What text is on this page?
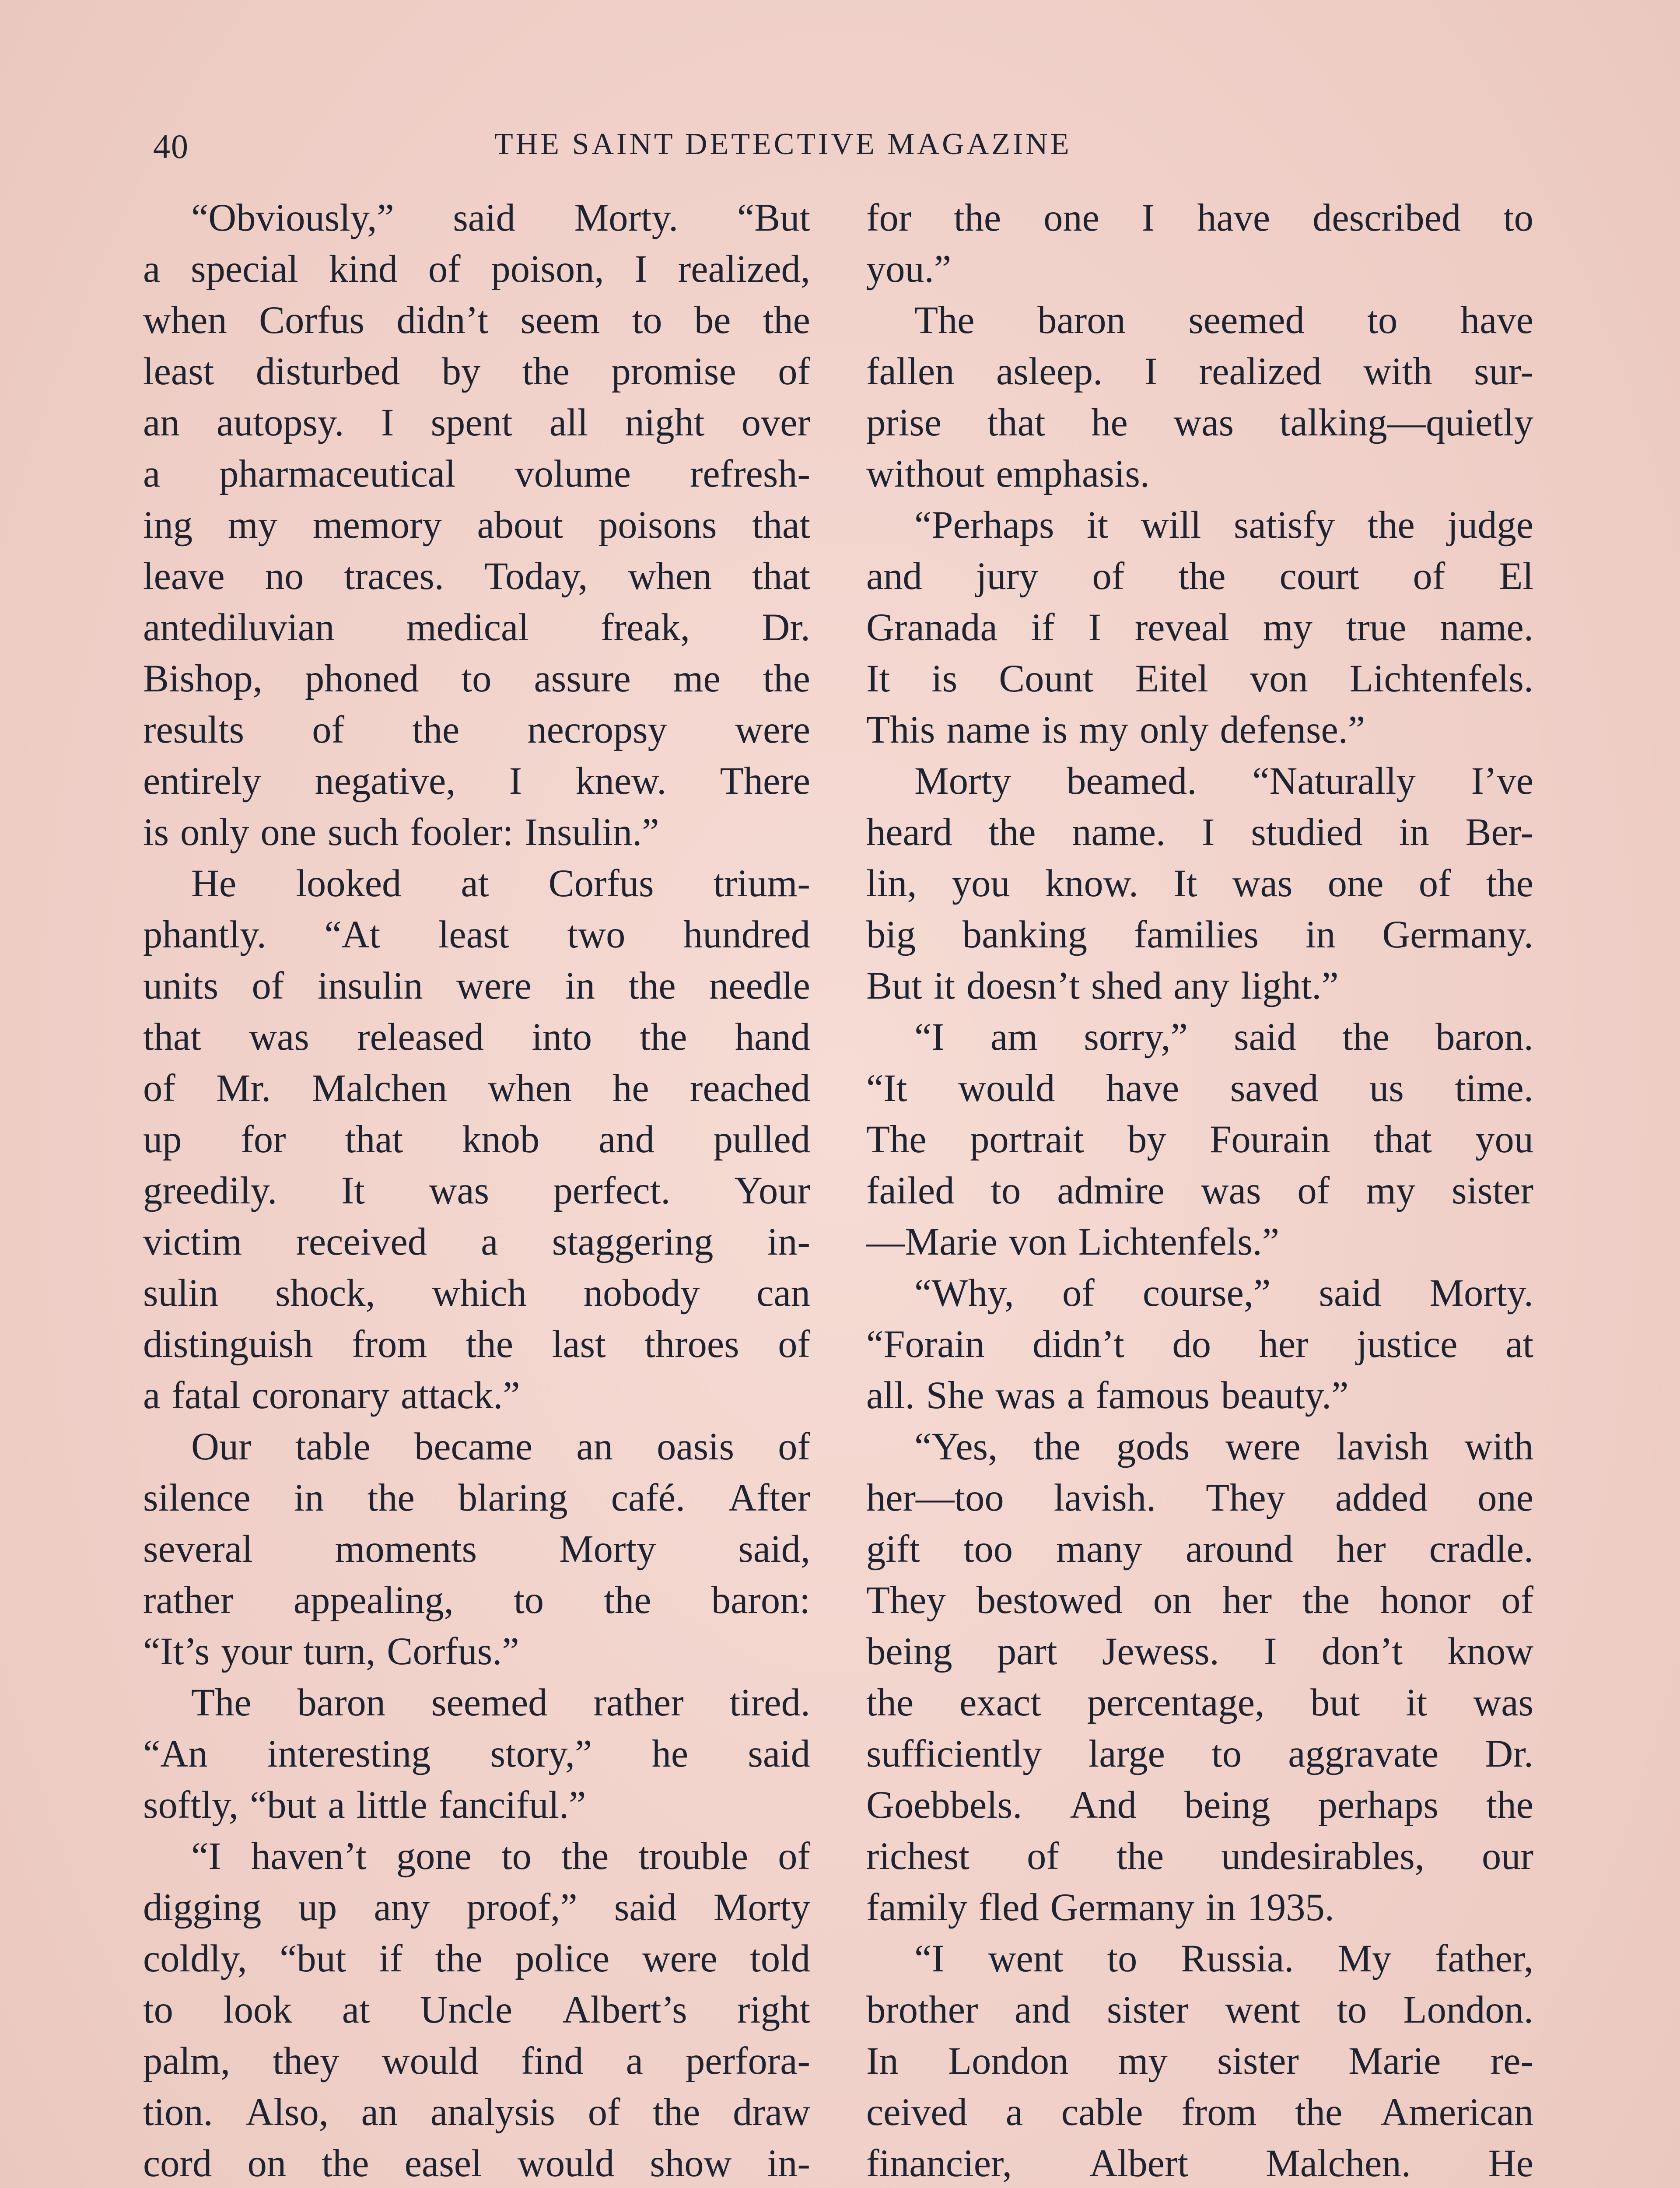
40	THE SAINT DETECTIVE MAGAZINE
“Obviously,” said Morty. “But
a special kind of poison, I realized,
when Corfus didn’t seem to be the
least disturbed by the promise of
an autopsy. I spent all night over
a pharmaceutical volume refresh-
ing my memory about poisons that
leave no traces. Today, when that
antediluvian medical freak, Dr.
Bishop, phoned to assure me the
results of the necropsy were
entirely negative, I knew. There
is only one such fooler: Insulin.”
He looked at Corfus trium-
phantly. “At least two hundred
units of insulin were in the needle
that was released into the hand
of Mr. Malchen when he reached
up for that knob and pulled
greedily. It was perfect. Your
victim received a staggering in-
sulin shock, which nobody can
distinguish from the last throes of
a fatal coronary attack.”
Our table became an oasis of
silence in the blaring café. After
several moments Morty said,
rather appealing, to the baron:
“It’s your turn, Corfus.”
The baron seemed rather tired.
“An interesting story,” he said
softly, “but a little fanciful.”
“I haven’t gone to the trouble of
digging up any proof,” said Morty
coldly, “but if the police were told
to look at Uncle Albert’s right
palm, they would find a perfora-
tion. Also, an analysis of the draw
cord on the easel would show in-
for the one I have described to
you.”
The baron seemed to have
fallen asleep. I realized with sur-
prise that he was talking—quietly
without emphasis.
“Perhaps it will satisfy the judge
and jury of the court of El
Granada if I reveal my true name.
It is Count Eitel von Lichtenfels.
This name is my only defense.”
Morty beamed. “Naturally I’ve
heard the name. I studied in Ber-
lin, you know. It was one of the
big banking families in Germany.
But it doesn’t shed any light.”
“I am sorry,” said the baron.
“It would have saved us time.
The portrait by Fourain that you
failed to admire was of my sister
—Marie von Lichtenfels.”
“Why, of course,” said Morty.
“Forain didn’t do her justice at
all. She was a famous beauty.”
“Yes, the gods were lavish with
her—too lavish. They added one
gift too many around her cradle.
They bestowed on her the honor of
being part Jewess. I don’t know
the exact percentage, but it was
sufficiently large to aggravate Dr.
Goebbels. And being perhaps the
richest of the undesirables, our
family fled Germany in 1935.
“I went to Russia. My father,
brother and sister went to London.
In London my sister Marie re-
ceived a cable from the American
financier, Albert Malchen. He
